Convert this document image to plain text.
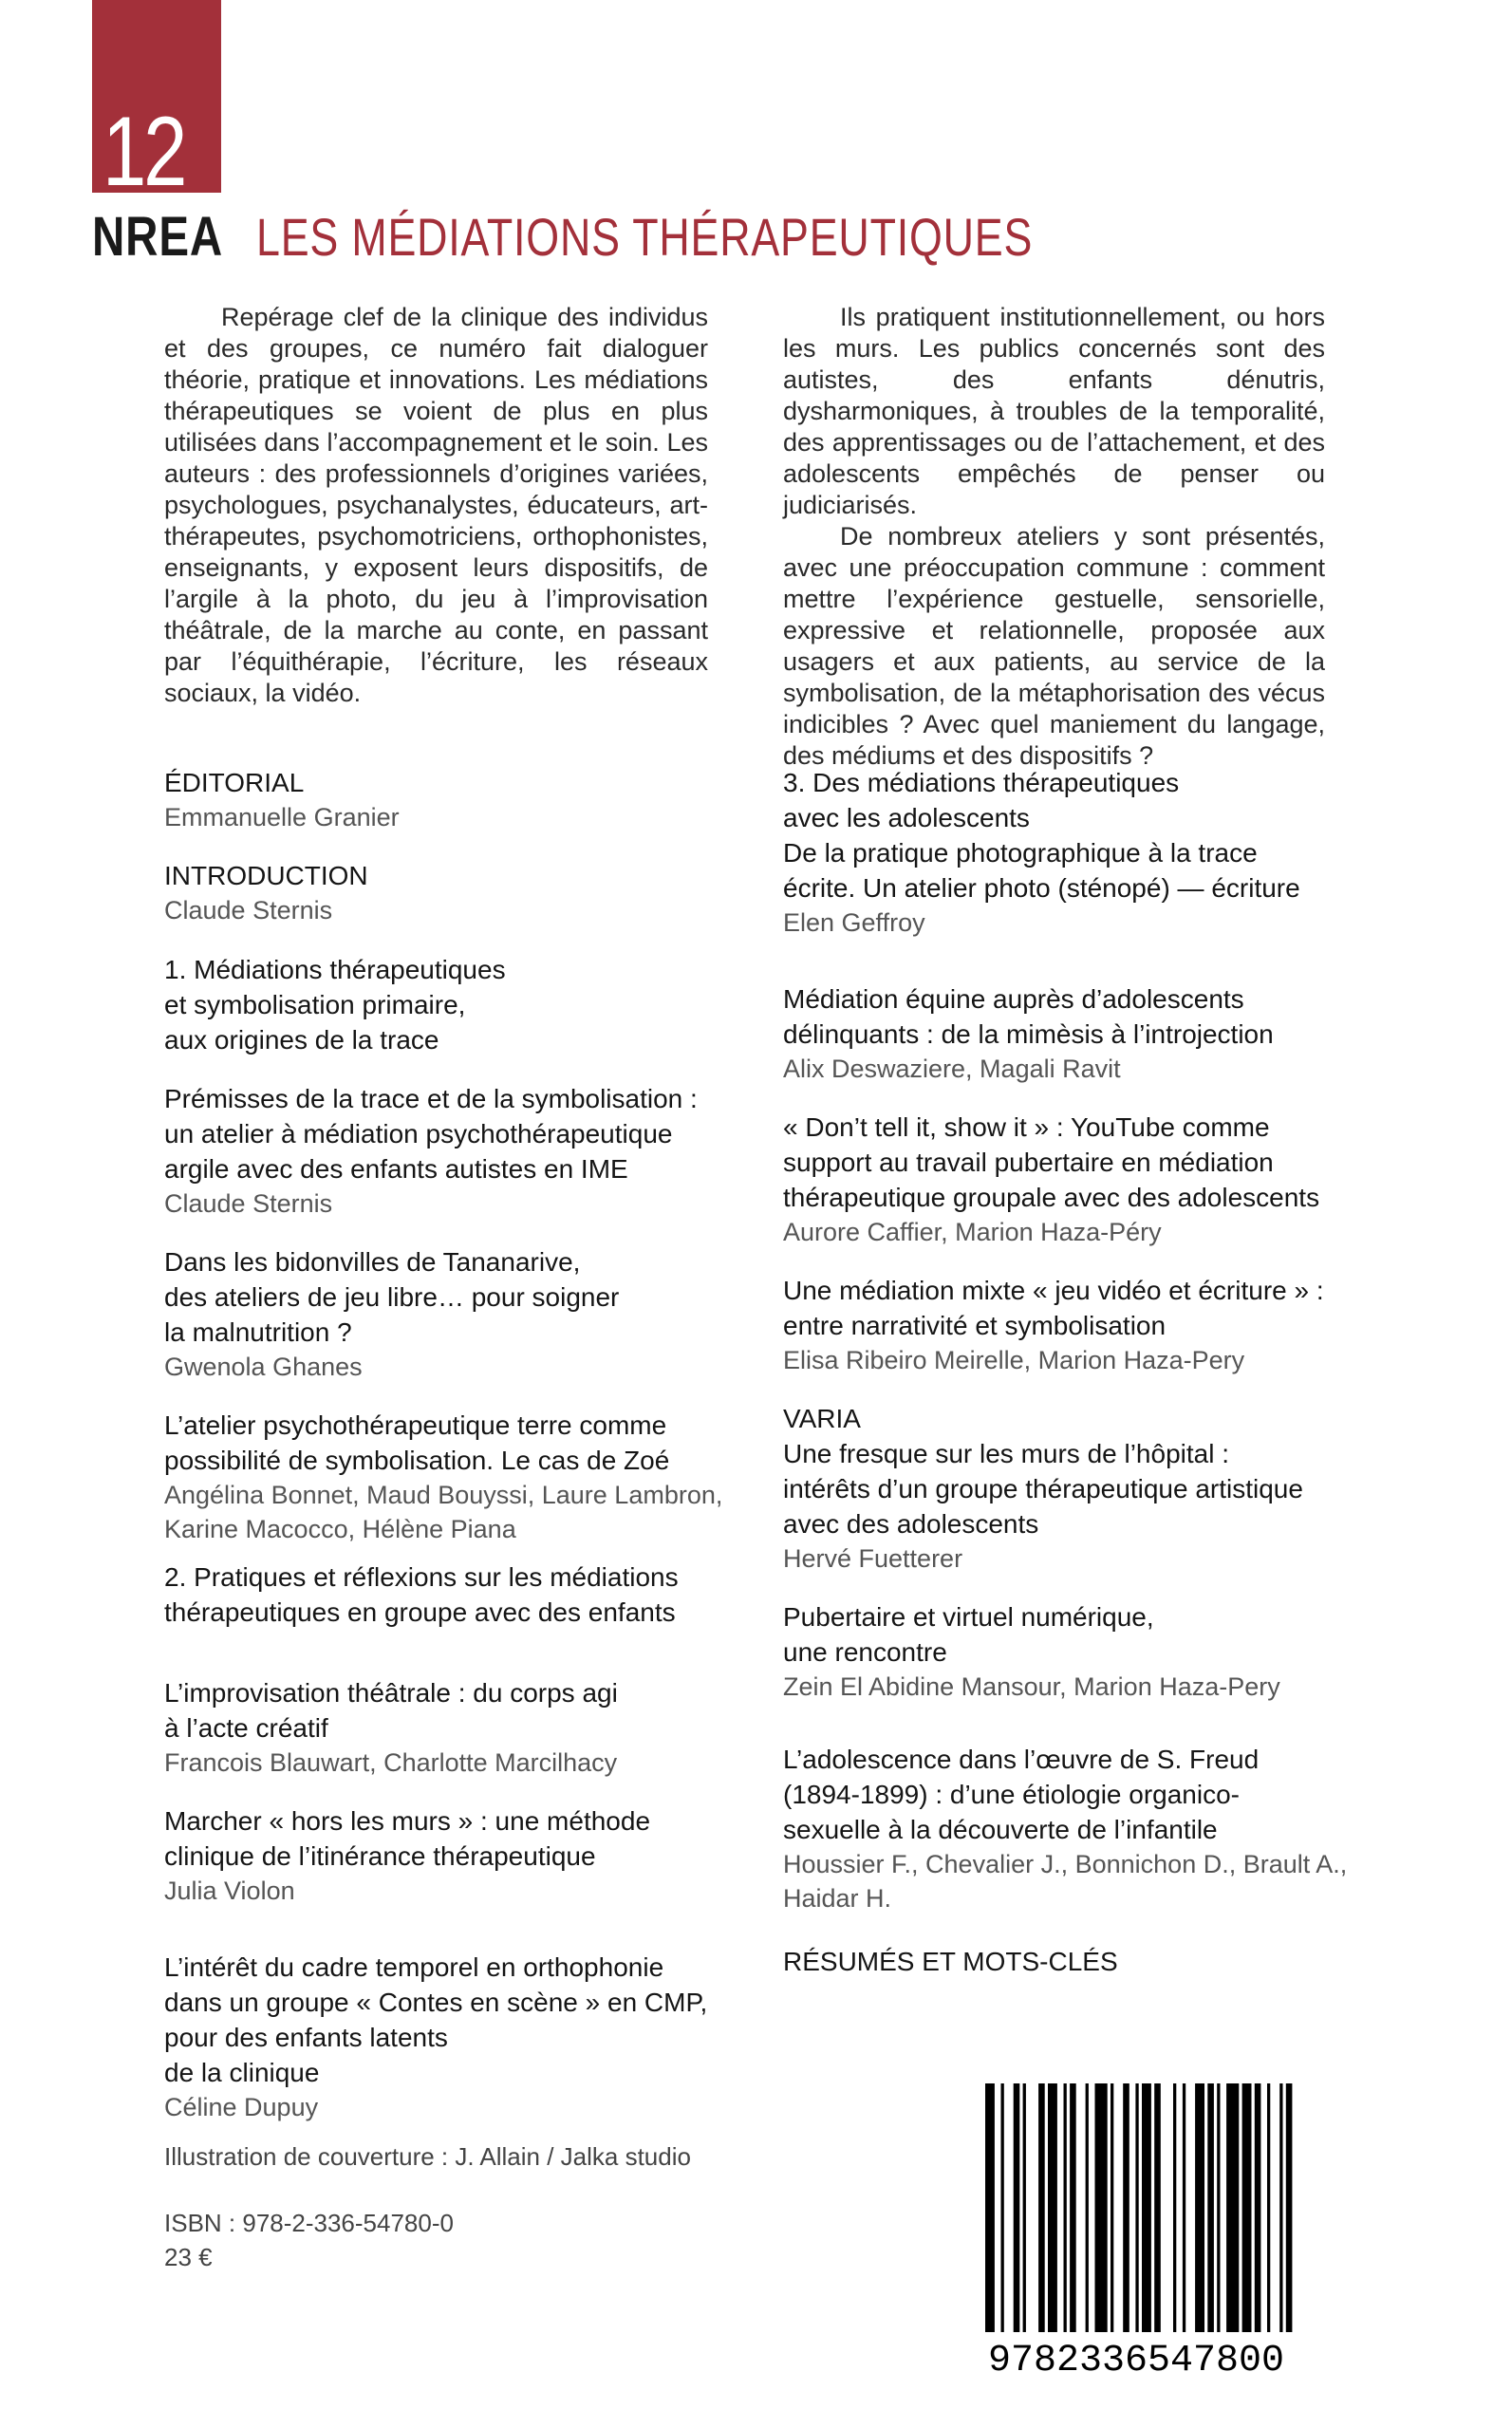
12
NREA LES MÉDIATIONS THÉRAPEUTIQUES

Repérage clef de la clinique des individus et des groupes, ce numéro fait dialoguer théorie, pratique et innovations. Les médiations thérapeutiques se voient de plus en plus utilisées dans l’accompagnement et le soin. Les auteurs : des professionnels d’origines variées, psychologues, psychanalystes, éducateurs, art-thérapeutes, psychomotriciens, orthophonistes, enseignants, y exposent leurs dispositifs, de l’argile à la photo, du jeu à l’improvisation théâtrale, de la marche au conte, en passant par l’équithérapie, l’écriture, les réseaux sociaux, la vidéo.

Ils pratiquent institutionnellement, ou hors les murs. Les publics concernés sont des autistes, des enfants dénutris, dysharmoniques, à troubles de la temporalité, des apprentissages ou de l’attachement, et des adolescents empêchés de penser ou judiciarisés.

De nombreux ateliers y sont présentés, avec une préoccupation commune : comment mettre l’expérience gestuelle, sensorielle, expressive et relationnelle, proposée aux usagers et aux patients, au service de la symbolisation, de la métaphorisation des vécus indicibles ? Avec quel maniement du langage, des médiums et des dispositifs ?

ÉDITORIAL

Emmanuelle Granier

INTRODUCTION

Claude Sternis

1. Médiations thérapeutiques

et symbolisation primaire,

aux origines de la trace

Prémisses de la trace et de la symbolisation :

un atelier à médiation psychothérapeutique

argile avec des enfants autistes en IME

Claude Sternis

Dans les bidonvilles de Tananarive,

des ateliers de jeu libre… pour soigner

la malnutrition ?

Gwenola Ghanes

L’atelier psychothérapeutique terre comme

possibilité de symbolisation. Le cas de Zoé

Angélina Bonnet, Maud Bouyssi, Laure Lambron,

Karine Macocco, Hélène Piana

2. Pratiques et réflexions sur les médiations

thérapeutiques en groupe avec des enfants

L’improvisation théâtrale : du corps agi

à l’acte créatif

Francois Blauwart, Charlotte Marcilhacy

Marcher « hors les murs » : une méthode

clinique de l’itinérance thérapeutique

Julia Violon

L’intérêt du cadre temporel en orthophonie

dans un groupe « Contes en scène » en CMP,

pour des enfants latents

de la clinique

Céline Dupuy

3. Des médiations thérapeutiques

avec les adolescents

De la pratique photographique à la trace

écrite. Un atelier photo (sténopé) — écriture

Elen Geffroy

Médiation équine auprès d’adolescents

délinquants : de la mimèsis à l’introjection

Alix Deswaziere, Magali Ravit

« Don’t tell it, show it » : YouTube comme

support au travail pubertaire en médiation

thérapeutique groupale avec des adolescents

Aurore Caffier, Marion Haza-Péry

Une médiation mixte « jeu vidéo et écriture » :

entre narrativité et symbolisation

Elisa Ribeiro Meirelle, Marion Haza-Pery

VARIA

Une fresque sur les murs de l’hôpital :

intérêts d’un groupe thérapeutique artistique

avec des adolescents

Hervé Fuetterer

Pubertaire et virtuel numérique,

une rencontre

Zein El Abidine Mansour, Marion Haza-Pery

L’adolescence dans l’œuvre de S. Freud

(1894-1899) : d’une étiologie organico-

sexuelle à la découverte de l’infantile

Houssier F., Chevalier J., Bonnichon D., Brault A.,

Haidar H.

RÉSUMÉS ET MOTS-CLÉS

Illustration de couverture : J. Allain / Jalka studio

ISBN : 978-2-336-54780-0

23 €

9782336547800
